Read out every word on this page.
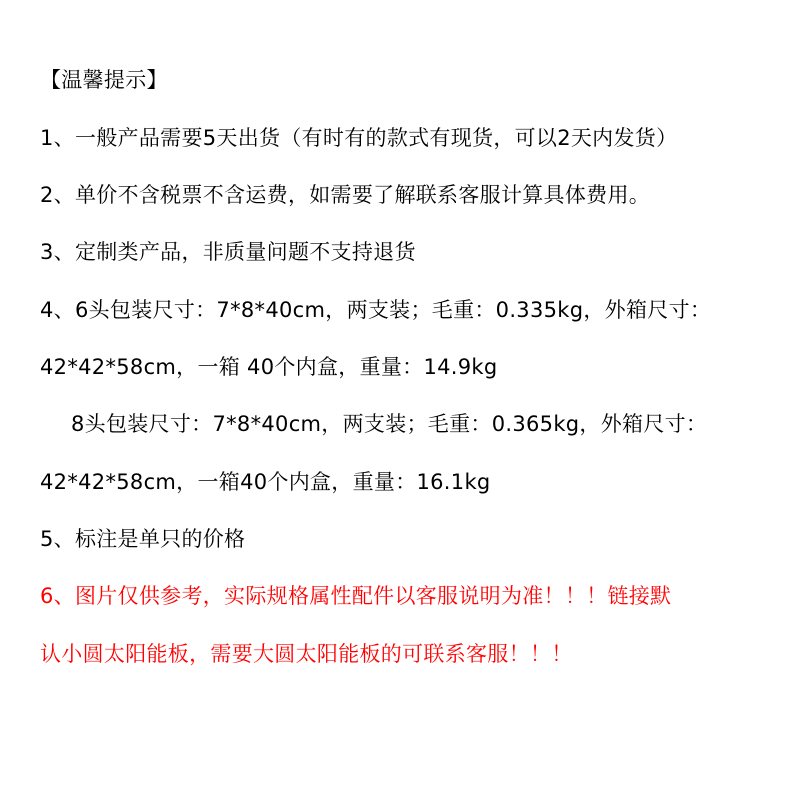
【温馨提示】
1、一般产品需要5天出货（有时有的款式有现货，可以2天内发货）
2、单价不含税票不含运费，如需要了解联系客服计算具体费用。
3、定制类产品，非质量问题不支持退货
4、6头包装尺寸：7*8*40cm，两支装；毛重：0.335kg，外箱尺寸：
42*42*58cm，一箱 40个内盒，重量：14.9kg
8头包装尺寸：7*8*40cm，两支装；毛重：0.365kg，外箱尺寸：
42*42*58cm，一箱40个内盒，重量：16.1kg
5、标注是单只的价格
6、图片仅供参考，实际规格属性配件以客服说明为准！！！链接默
认小圆太阳能板，需要大圆太阳能板的可联系客服！！！
